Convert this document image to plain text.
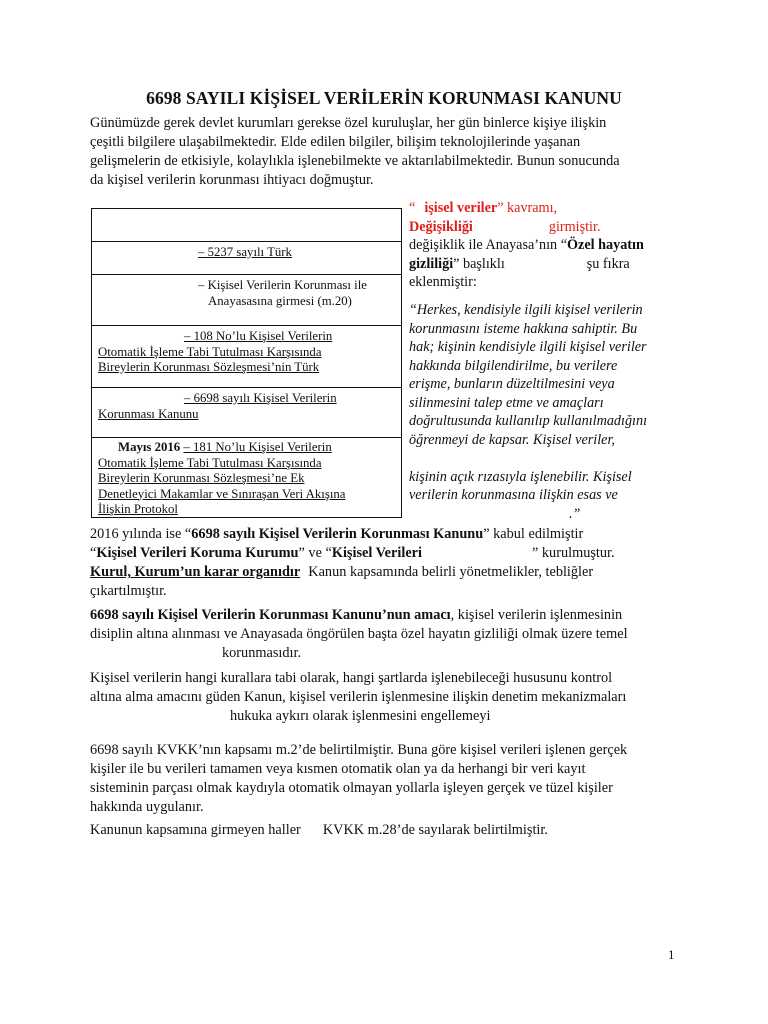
6698 SAYILI KİŞİSEL VERİLERİN KORUNMASI KANUNU

Günümüzde gerek devlet kurumları gerekse özel kuruluşlar, her gün binlerce kişiye ilişkin
çeşitli bilgilere ulaşabilmektedir. Elde edilen bilgiler, bilişim teknolojilerinde yaşanan
gelişmelerin de etkisiyle, kolaylıkla işlenebilmekte ve aktarılabilmektedir. Bunun sonucunda
da kişisel verilerin korunması ihtiyacı doğmuştur.

– 5237 sayılı Türk
– Kişisel Verilerin Korunması ile
Anayasasına girmesi (m.20)
– 108 No’lu Kişisel Verilerin
Otomatik İşleme Tabi Tutulması Karşısında
Bireylerin Korunması Sözleşmesi’nin Türk
– 6698 sayılı Kişisel Verilerin
Korunması Kanunu
Mayıs 2016 – 181 No’lu Kişisel Verilerin
Otomatik İşleme Tabi Tutulması Karşısında
Bireylerin Korunması Sözleşmesi’ne Ek
Denetleyici Makamlar ve Sınıraşan Veri Akışına
İlişkin Protokol
“ işisel veriler” kavramı,
Değişikliği	girmiştir.
değişiklik ile Anayasa’nın “Özel hayatın
gizliliği” başlıklı	şu fıkra
eklenmiştir:
“Herkes, kendisiyle ilgili kişisel verilerin
korunmasını isteme hakkına sahiptir. Bu
hak; kişinin kendisiyle ilgili kişisel veriler
hakkında bilgilendirilme, bu verilere
erişme, bunların düzeltilmesini veya
silinmesini talep etme ve amaçları
doğrultusunda kullanılıp kullanılmadığını
öğrenmeyi de kapsar. Kişisel veriler,
kişinin açık rızasıyla işlenebilir. Kişisel
verilerin korunmasına ilişkin esas ve
.”

2016 yılında ise “6698 sayılı Kişisel Verilerin Korunması Kanunu” kabul edilmiştir
“Kişisel Verileri Koruma Kurumu” ve “Kişisel Verileri	” kurulmuştur.
Kurul, Kurum’un karar organıdır Kanun kapsamında belirli yönetmelikler, tebliğler
çıkartılmıştır.

6698 sayılı Kişisel Verilerin Korunması Kanunu’nun amacı, kişisel verilerin işlenmesinin
disiplin altına alınması ve Anayasada öngörülen başta özel hayatın gizliliği olmak üzere temel
korunmasıdır.

Kişisel verilerin hangi kurallara tabi olarak, hangi şartlarda işlenebileceği hususunu kontrol
altına alma amacını güden Kanun, kişisel verilerin işlenmesine ilişkin denetim mekanizmaları
hukuka aykırı olarak işlenmesini engellemeyi

6698 sayılı KVKK’nın kapsamı m.2’de belirtilmiştir. Buna göre kişisel verileri işlenen gerçek
kişiler ile bu verileri tamamen veya kısmen otomatik olan ya da herhangi bir veri kayıt
sisteminin parçası olmak kaydıyla otomatik olmayan yollarla işleyen gerçek ve tüzel kişiler
hakkında uygulanır.

Kanunun kapsamına girmeyen haller KVKK m.28’de sayılarak belirtilmiştir.

1
